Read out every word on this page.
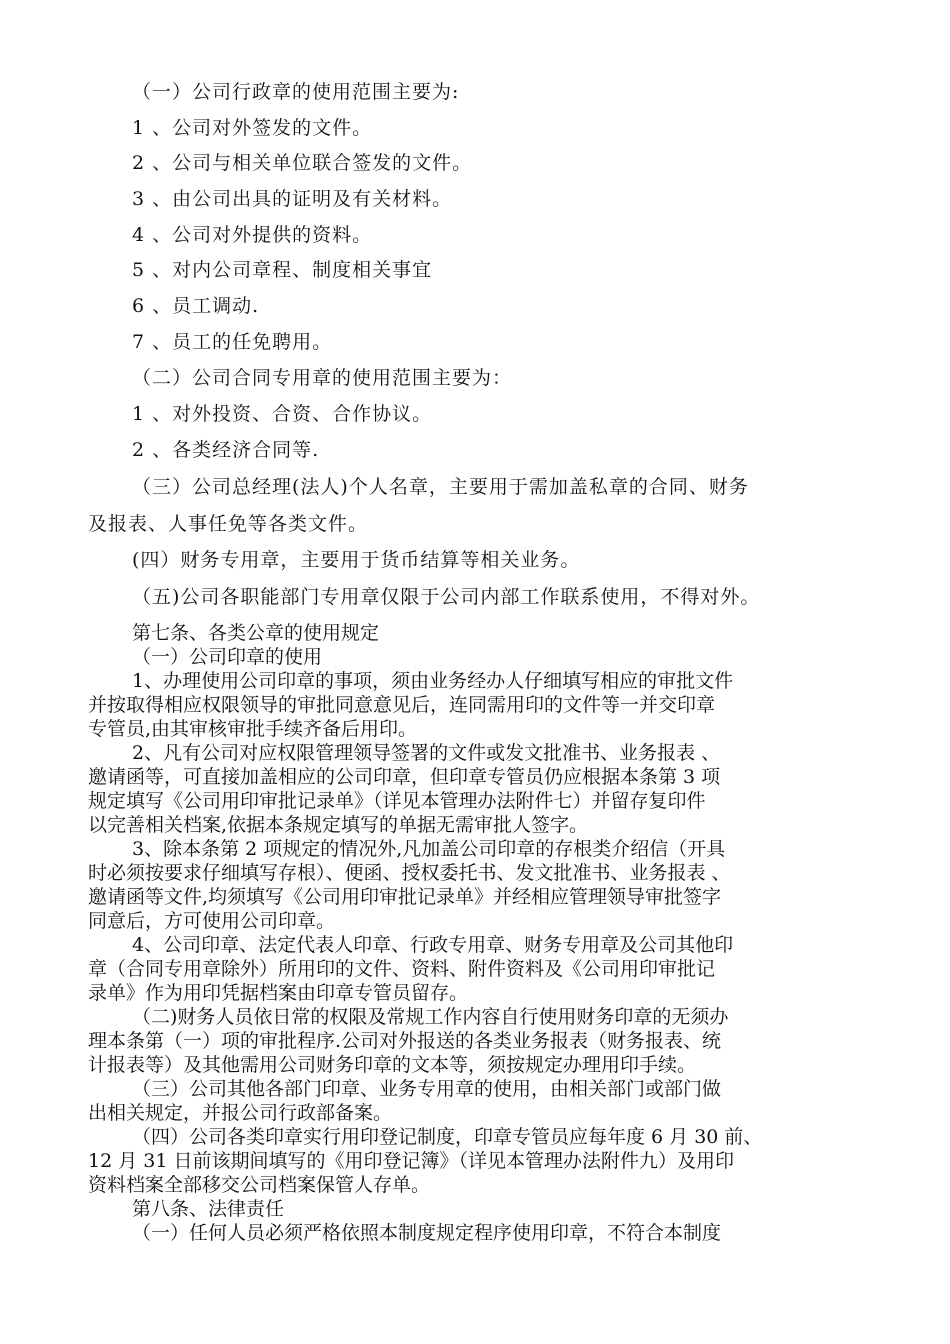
（一）公司行政章的使用范围主要为:
1 、公司对外签发的文件。
2 、公司与相关单位联合签发的文件。
3 、由公司出具的证明及有关材料。
4 、公司对外提供的资料。
5 、对内公司章程、制度相关事宜
6 、员工调动.
7 、员工的任免聘用。
（二）公司合同专用章的使用范围主要为：
1 、对外投资、合资、合作协议。
2 、各类经济合同等.
（三）公司总经理(法人)个人名章，主要用于需加盖私章的合同、财务
及报表、人事任免等各类文件。
(四）财务专用章，主要用于货币结算等相关业务。
（五)公司各职能部门专用章仅限于公司内部工作联系使用，不得对外。
第七条、各类公章的使用规定
（一）公司印章的使用
1、办理使用公司印章的事项，须由业务经办人仔细填写相应的审批文件
并按取得相应权限领导的审批同意意见后，连同需用印的文件等一并交印章
专管员,由其审核审批手续齐备后用印。
2、凡有公司对应权限管理领导签署的文件或发文批准书、业务报表 、
邀请函等，可直接加盖相应的公司印章，但印章专管员仍应根据本条第 3 项
规定填写《公司用印审批记录单》（详见本管理办法附件七）并留存复印件
以完善相关档案,依据本条规定填写的单据无需审批人签字。
3、除本条第 2 项规定的情况外,凡加盖公司印章的存根类介绍信（开具
时必须按要求仔细填写存根）、便函、授权委托书、发文批准书、业务报表 、
邀请函等文件,均须填写《公司用印审批记录单》并经相应管理领导审批签字
同意后，方可使用公司印章。
4、公司印章、法定代表人印章、行政专用章、财务专用章及公司其他印
章（合同专用章除外）所用印的文件、资料、附件资料及《公司用印审批记
录单》作为用印凭据档案由印章专管员留存。
（二)财务人员依日常的权限及常规工作内容自行使用财务印章的无须办
理本条第（一）项的审批程序.公司对外报送的各类业务报表（财务报表、统
计报表等）及其他需用公司财务印章的文本等，须按规定办理用印手续。
（三）公司其他各部门印章、业务专用章的使用，由相关部门或部门做
出相关规定，并报公司行政部备案。
（四）公司各类印章实行用印登记制度，印章专管员应每年度 6 月 30 前、
12 月 31 日前该期间填写的《用印登记簿》（详见本管理办法附件九）及用印
资料档案全部移交公司档案保管人存单。
第八条、法律责任
（一）任何人员必须严格依照本制度规定程序使用印章，不符合本制度
